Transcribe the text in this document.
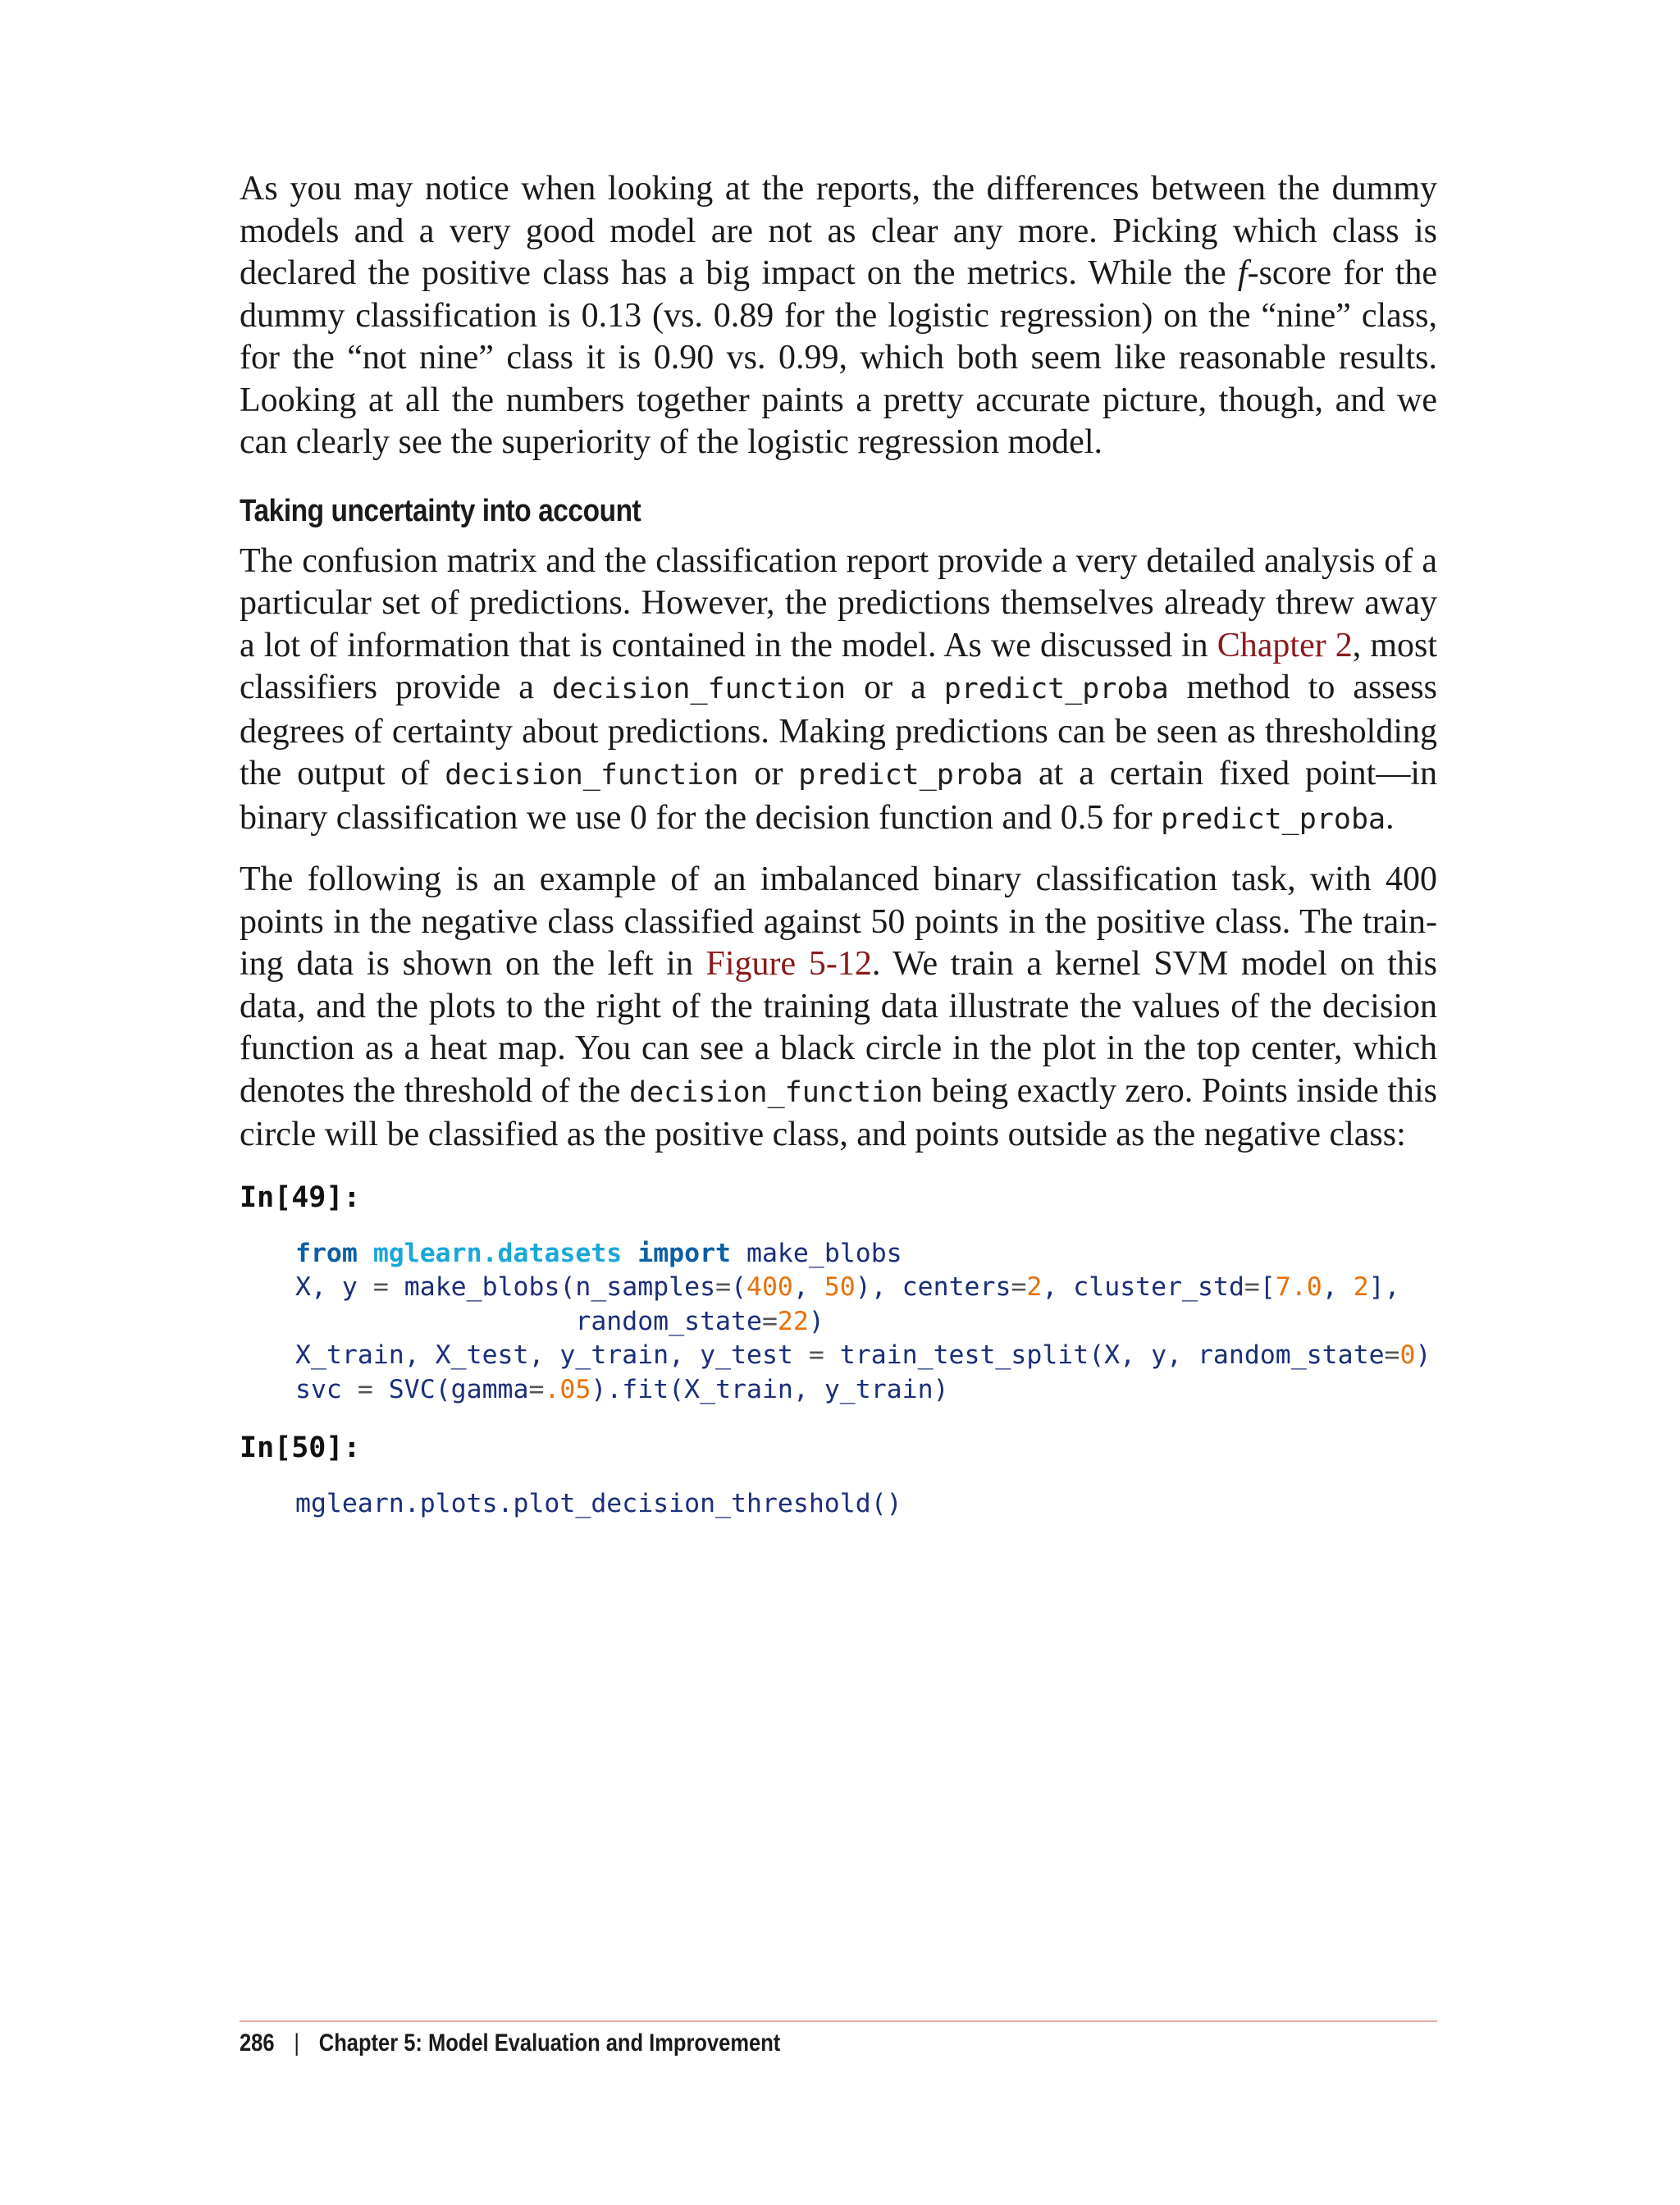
As you may notice when looking at the reports, the differences between the dummy models and a very good model are not as clear any more. Picking which class is declared the positive class has a big impact on the metrics. While the f-score for the dummy classification is 0.13 (vs. 0.89 for the logistic regression) on the “nine” class, for the “not nine” class it is 0.90 vs. 0.99, which both seem like reasonable results. Looking at all the numbers together paints a pretty accurate picture, though, and we can clearly see the superiority of the logistic regression model.

Taking uncertainty into account

The confusion matrix and the classification report provide a very detailed analysis of a particular set of predictions. However, the predictions themselves already threw away a lot of information that is contained in the model. As we discussed in Chapter 2, most classifiers provide a decision_function or a predict_proba method to assess degrees of certainty about predictions. Making predictions can be seen as thresholding the output of decision_function or predict_proba at a certain fixed point—in binary classification we use 0 for the decision function and 0.5 for predict_proba.

The following is an example of an imbalanced binary classification task, with 400 points in the negative class classified against 50 points in the positive class. The training data is shown on the left in Figure 5-12. We train a kernel SVM model on this data, and the plots to the right of the training data illustrate the values of the decision function as a heat map. You can see a black circle in the plot in the top center, which denotes the threshold of the decision_function being exactly zero. Points inside this circle will be classified as the positive class, and points outside as the negative class:

In[49]:
from mglearn.datasets import make_blobs
X, y = make_blobs(n_samples=(400, 50), centers=2, cluster_std=[7.0, 2],
random_state=22)
X_train, X_test, y_train, y_test = train_test_split(X, y, random_state=0)
svc = SVC(gamma=.05).fit(X_train, y_train)
In[50]:
mglearn.plots.plot_decision_threshold()
286 | Chapter 5: Model Evaluation and Improvement
